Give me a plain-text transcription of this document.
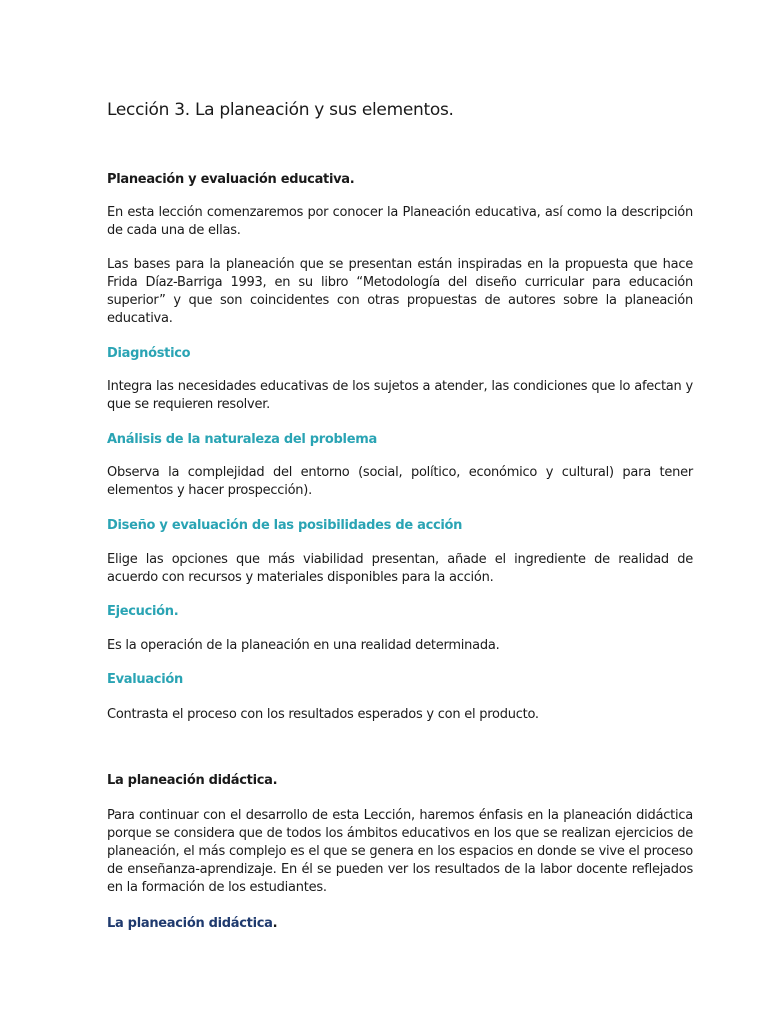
Lección 3. La planeación y sus elementos.
Planeación y evaluación educativa.

En esta lección comenzaremos por conocer la Planeación educativa, así como la descripción de cada una de ellas.

Las bases para la planeación que se presentan están inspiradas en la propuesta que hace Frida Díaz-Barriga 1993, en su libro “Metodología del diseño curricular para educación superior” y que son coincidentes con otras propuestas de autores sobre la planeación educativa.

Diagnóstico

Integra las necesidades educativas de los sujetos a atender, las condiciones que lo afectan y que se requieren resolver.

Análisis de la naturaleza del problema

Observa la complejidad del entorno (social, político, económico y cultural) para tener elementos y hacer prospección).

Diseño y evaluación de las posibilidades de acción

Elige las opciones que más viabilidad presentan, añade el ingrediente de realidad de acuerdo con recursos y materiales disponibles para la acción.

Ejecución.

Es la operación de la planeación en una realidad determinada.

Evaluación

Contrasta el proceso con los resultados esperados y con el producto.

La planeación didáctica.

Para continuar con el desarrollo de esta Lección, haremos énfasis en la planeación didáctica porque se considera que de todos los ámbitos educativos en los que se realizan ejercicios de planeación, el más complejo es el que se genera en los espacios en donde se vive el proceso de enseñanza-aprendizaje. En él se pueden ver los resultados de la labor docente reflejados en la formación de los estudiantes.

La planeación didáctica.
